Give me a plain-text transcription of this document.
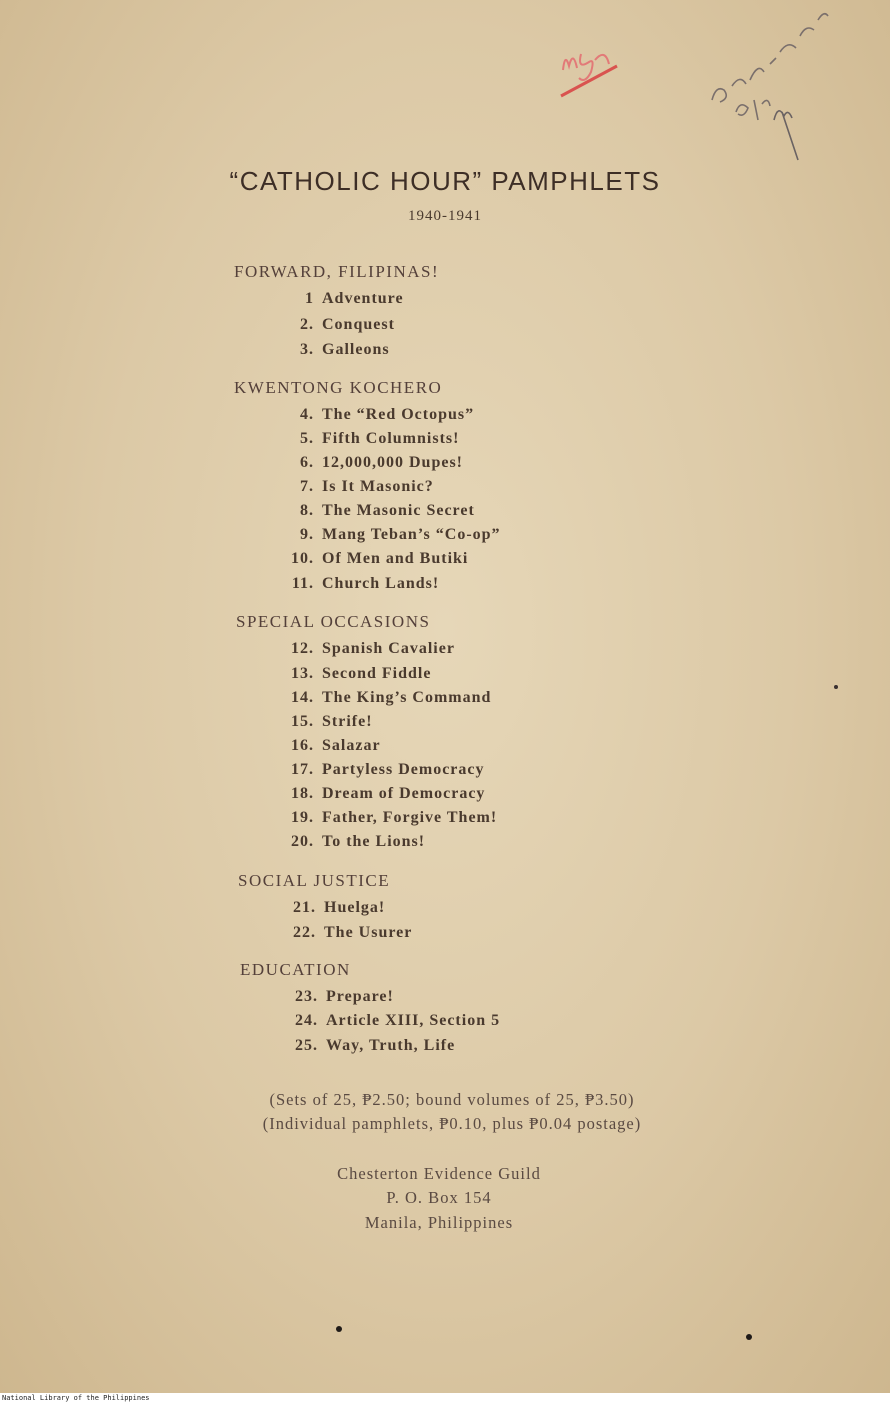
“CATHOLIC HOUR” PAMPHLETS
1940-1941
FORWARD, FILIPINAS!
1 Adventure
2. Conquest
3. Galleons
KWENTONG KOCHERO
4. The “Red Octopus”
5. Fifth Columnists!
6. 12,000,000 Dupes!
7. Is It Masonic?
8. The Masonic Secret
9. Mang Teban’s “Co-op”
10. Of Men and Butiki
11. Church Lands!
SPECIAL OCCASIONS
12. Spanish Cavalier
13. Second Fiddle
14. The King’s Command
15. Strife!
16. Salazar
17. Partyless Democracy
18. Dream of Democracy
19. Father, Forgive Them!
20. To the Lions!
SOCIAL JUSTICE
21. Huelga!
22. The Usurer
EDUCATION
23. Prepare!
24. Article XIII, Section 5
25. Way, Truth, Life
(Sets of 25, ₱2.50; bound volumes of 25, ₱3.50)
(Individual pamphlets, ₱0.10, plus ₱0.04 postage)
Chesterton Evidence Guild
P. O. Box 154
Manila, Philippines
National Library of the Philippines
